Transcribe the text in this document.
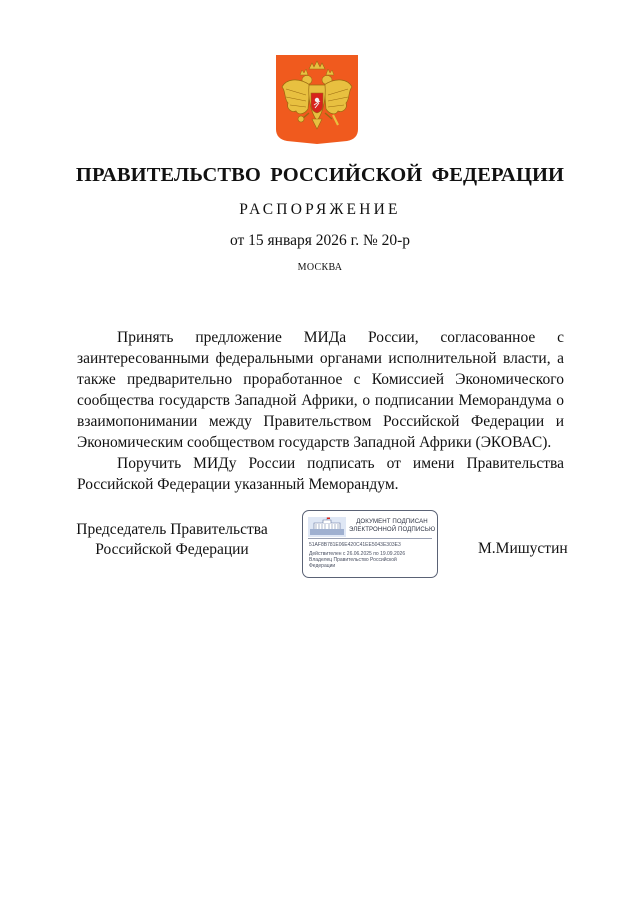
ПРАВИТЕЛЬСТВО РОССИЙСКОЙ ФЕДЕРАЦИИ
РАСПОРЯЖЕНИЕ
от 15 января 2026 г. № 20-р
МОСКВА

Принять предложение МИДа России, согласованное с заинтересованными федеральными органами исполнительной власти, а также предварительно проработанное с Комиссией Экономического сообщества государств Западной Африки, о подписании Меморандума о взаимопонимании между Правительством Российской Федерации и Экономическим сообществом государств Западной Африки (ЭКОВАС).

Поручить МИДу России подписать от имени Правительства Российской Федерации указанный Меморандум.

Председатель Правительства
Российской Федерации
ДОКУМЕНТ ПОДПИСАН
ЭЛЕКТРОННОЙ ПОДПИСЬЮ
51AF8B781E06E420C41EE5043E303E3
Действителен с 26.06.2025 по 19.09.2026
Владелец Правительство Российской
Федерации
М.Мишустин
